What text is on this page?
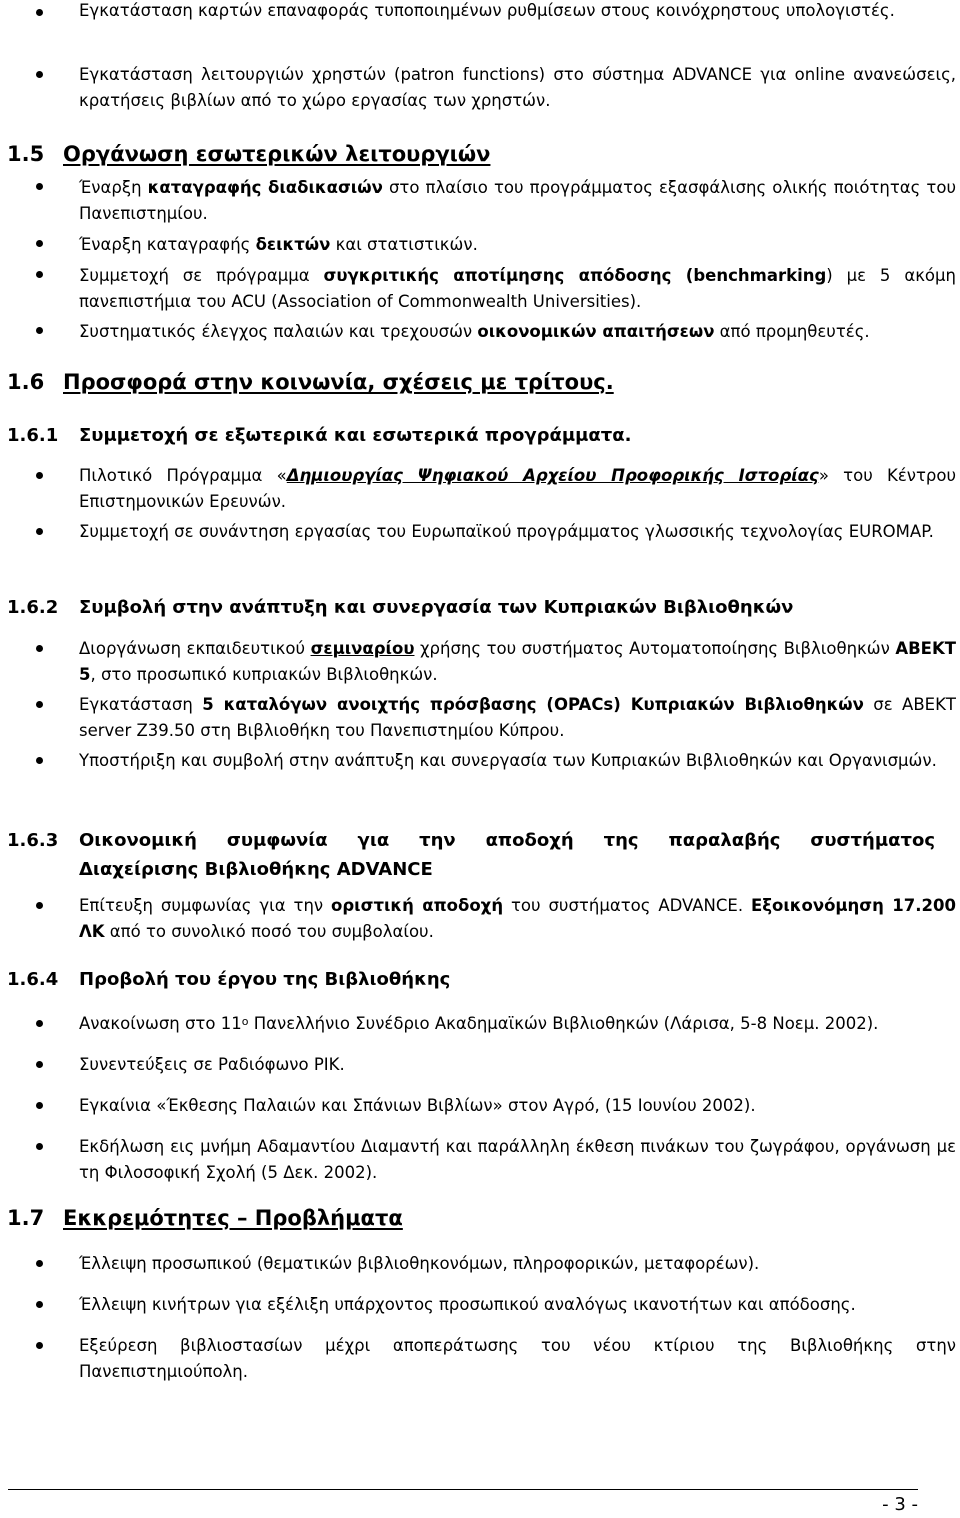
Εγκατάσταση καρτών επαναφοράς τυποποιημένων ρυθμίσεων στους κοινόχρηστους υπολογιστές.
Εγκατάσταση λειτουργιών χρηστών (patron functions) στο σύστημα ADVANCE για online ανανεώσεις, κρατήσεις βιβλίων από το χώρο εργασίας των χρηστών.
1.5 Οργάνωση εσωτερικών λειτουργιών
Έναρξη καταγραφής διαδικασιών στο πλαίσιο του προγράμματος εξασφάλισης ολικής ποιότητας του Πανεπιστημίου.
Έναρξη καταγραφής δεικτών και στατιστικών.
Συμμετοχή σε πρόγραμμα συγκριτικής αποτίμησης απόδοσης (benchmarking) με 5 ακόμη πανεπιστήμια του ACU (Association of Commonwealth Universities).
Συστηματικός έλεγχος παλαιών και τρεχουσών οικονομικών απαιτήσεων από προμηθευτές.
1.6 Προσφορά στην κοινωνία, σχέσεις με τρίτους.
1.6.1 Συμμετοχή σε εξωτερικά και εσωτερικά προγράμματα.
Πιλοτικό Πρόγραμμα «Δημιουργίας Ψηφιακού Αρχείου Προφορικής Ιστορίας» του Κέντρου Επιστημονικών Ερευνών.
Συμμετοχή σε συνάντηση εργασίας του Ευρωπαϊκού προγράμματος γλωσσικής τεχνολογίας EUROMAP.
1.6.2 Συμβολή στην ανάπτυξη και συνεργασία των Κυπριακών Βιβλιοθηκών
Διοργάνωση εκπαιδευτικού σεμιναρίου χρήσης του συστήματος Αυτοματοποίησης Βιβλιοθηκών ΑΒΕΚΤ 5, στο προσωπικό κυπριακών Βιβλιοθηκών.
Εγκατάσταση 5 καταλόγων ανοιχτής πρόσβασης (OPACs) Κυπριακών Βιβλιοθηκών σε ΑΒΕΚΤ server Z39.50 στη Βιβλιοθήκη του Πανεπιστημίου Κύπρου.
Υποστήριξη και συμβολή στην ανάπτυξη και συνεργασία των Κυπριακών Βιβλιοθηκών και Οργανισμών.
1.6.3	Οικονομική συμφωνία για την αποδοχή της παραλαβής συστήματος
Διαχείρισης Βιβλιοθήκης ADVANCE
Επίτευξη συμφωνίας για την οριστική αποδοχή του συστήματος ADVANCE. Εξοικονόμηση 17.200 ΛΚ από το συνολικό ποσό του συμβολαίου.
1.6.4 Προβολή του έργου της Βιβλιοθήκης
Ανακοίνωση στο $11^o$ Πανελλήνιο Συνέδριο Ακαδημαϊκών Βιβλιοθηκών (Λάρισα, 5-8 Νοεμ. 2002).
Συνεντεύξεις σε Ραδιόφωνο ΡΙΚ.
Εγκαίνια «Έκθεσης Παλαιών και Σπάνιων Βιβλίων» στον Αγρό, (15 Ιουνίου 2002).
Εκδήλωση εις μνήμη Αδαμαντίου Διαμαντή και παράλληλη έκθεση πινάκων του ζωγράφου, οργάνωση με τη Φιλοσοφική Σχολή (5 Δεκ. 2002).
1.7 Εκκρεμότητες – Προβλήματα
Έλλειψη προσωπικού (θεματικών βιβλιοθηκονόμων, πληροφορικών, μεταφορέων).
Έλλειψη κινήτρων για εξέλιξη υπάρχοντος προσωπικού αναλόγως ικανοτήτων και απόδοσης.
Εξεύρεση βιβλιοστασίων μέχρι αποπεράτωσης του νέου κτίριου της Βιβλιοθήκης στην Πανεπιστημιούπολη.
- 3 -
